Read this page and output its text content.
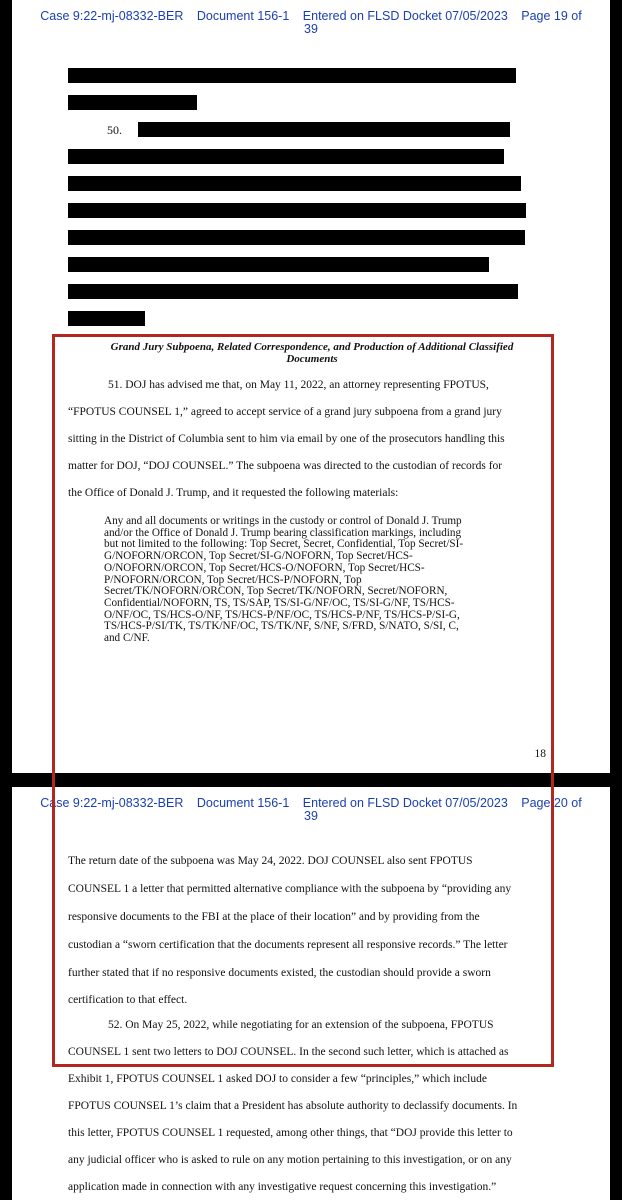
Case 9:22-mj-08332-BER Document 156-1 Entered on FLSD Docket 07/05/2023 Page 19 of
39
50.
Grand Jury Subpoena, Related Correspondence, and Production of Additional Classified
Documents
51. DOJ has advised me that, on May 11, 2022, an attorney representing FPOTUS,
“FPOTUS COUNSEL 1,” agreed to accept service of a grand jury subpoena from a grand jury
sitting in the District of Columbia sent to him via email by one of the prosecutors handling this
matter for DOJ, “DOJ COUNSEL.” The subpoena was directed to the custodian of records for
the Office of Donald J. Trump, and it requested the following materials:
Any and all documents or writings in the custody or control of Donald J. Trump
and/or the Office of Donald J. Trump bearing classification markings, including
but not limited to the following: Top Secret, Secret, Confidential, Top Secret/SI-
G/NOFORN/ORCON, Top Secret/SI-G/NOFORN, Top Secret/HCS-
O/NOFORN/ORCON, Top Secret/HCS-O/NOFORN, Top Secret/HCS-
P/NOFORN/ORCON, Top Secret/HCS-P/NOFORN, Top
Secret/TK/NOFORN/ORCON, Top Secret/TK/NOFORN, Secret/NOFORN,
Confidential/NOFORN, TS, TS/SAP, TS/SI-G/NF/OC, TS/SI-G/NF, TS/HCS-
O/NF/OC, TS/HCS-O/NF, TS/HCS-P/NF/OC, TS/HCS-P/NF, TS/HCS-P/SI-G,
TS/HCS-P/SI/TK, TS/TK/NF/OC, TS/TK/NF, S/NF, S/FRD, S/NATO, S/SI, C,
and C/NF.
18
Case 9:22-mj-08332-BER Document 156-1 Entered on FLSD Docket 07/05/2023 Page 20 of
39
The return date of the subpoena was May 24, 2022. DOJ COUNSEL also sent FPOTUS
COUNSEL 1 a letter that permitted alternative compliance with the subpoena by “providing any
responsive documents to the FBI at the place of their location” and by providing from the
custodian a “sworn certification that the documents represent all responsive records.” The letter
further stated that if no responsive documents existed, the custodian should provide a sworn
certification to that effect.
52. On May 25, 2022, while negotiating for an extension of the subpoena, FPOTUS
COUNSEL 1 sent two letters to DOJ COUNSEL. In the second such letter, which is attached as
Exhibit 1, FPOTUS COUNSEL 1 asked DOJ to consider a few “principles,” which include
FPOTUS COUNSEL 1’s claim that a President has absolute authority to declassify documents. In
this letter, FPOTUS COUNSEL 1 requested, among other things, that “DOJ provide this letter to
any judicial officer who is asked to rule on any motion pertaining to this investigation, or on any
application made in connection with any investigative request concerning this investigation.”
